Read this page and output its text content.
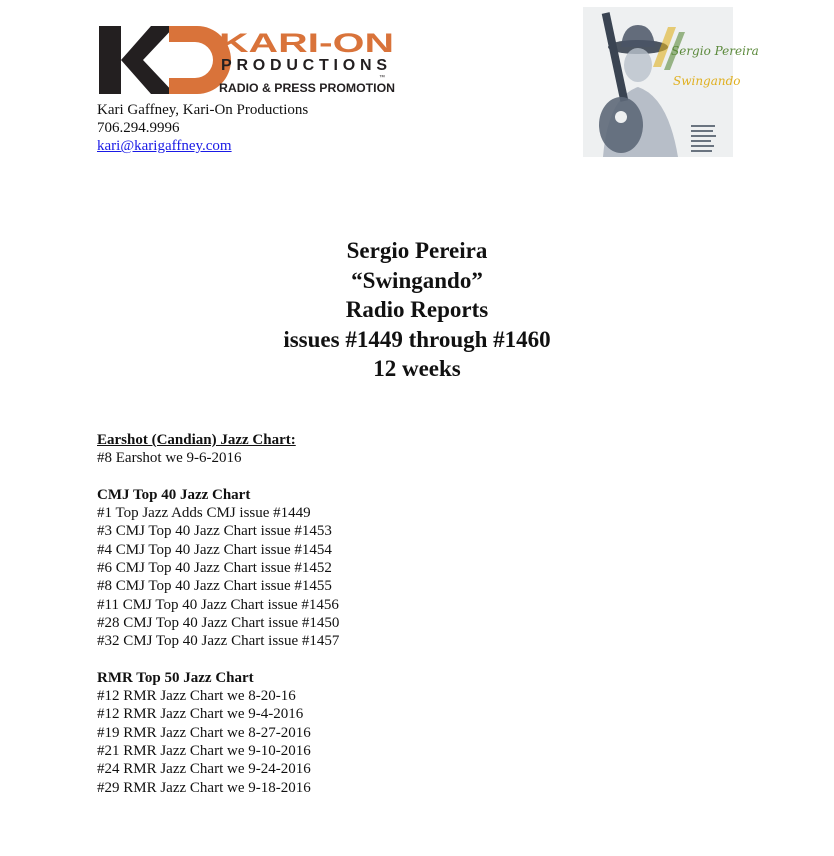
KARI-ON
PRODUCTIONS
™
RADIO & PRESS PROMOTION
Kari Gaffney, Kari-On Productions
706.294.9996
kari@karigaffney.com
Sergio Pereira
Swingando
Sergio Pereira
“Swingando”
Radio Reports
issues #1449 through #1460
12 weeks
Earshot (Candian) Jazz Chart:
#8 Earshot we 9-6-2016
CMJ Top 40 Jazz Chart
#1 Top Jazz Adds CMJ issue #1449
#3 CMJ Top 40 Jazz Chart issue #1453
#4 CMJ Top 40 Jazz Chart issue #1454
#6 CMJ Top 40 Jazz Chart issue #1452
#8 CMJ Top 40 Jazz Chart issue #1455
#11 CMJ Top 40 Jazz Chart issue #1456
#28 CMJ Top 40 Jazz Chart issue #1450
#32 CMJ Top 40 Jazz Chart issue #1457
RMR Top 50 Jazz Chart
#12 RMR Jazz Chart we 8-20-16
#12 RMR Jazz Chart we 9-4-2016
#19 RMR Jazz Chart we 8-27-2016
#21 RMR Jazz Chart we 9-10-2016
#24 RMR Jazz Chart we 9-24-2016
#29 RMR Jazz Chart we 9-18-2016
